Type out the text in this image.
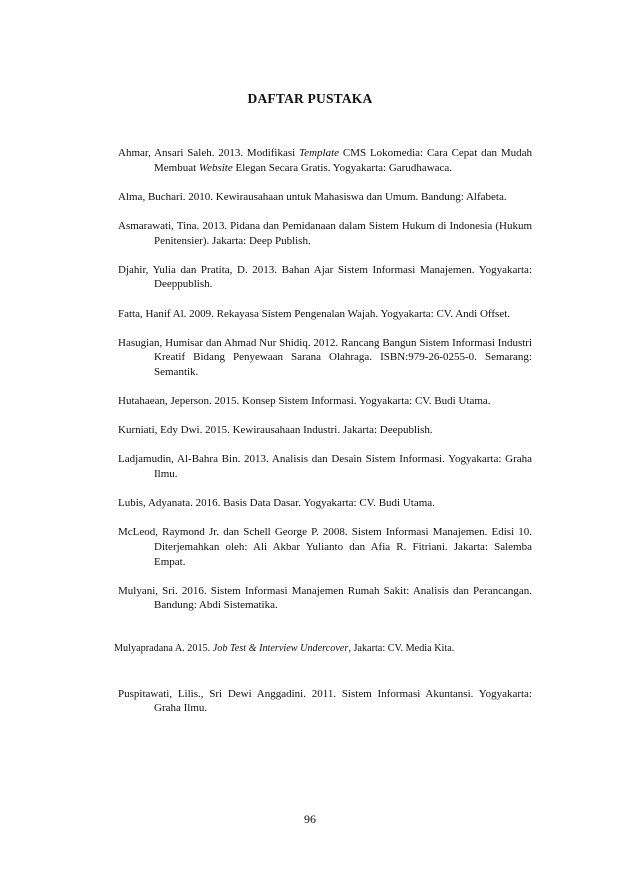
DAFTAR PUSTAKA

Ahmar, Ansari Saleh. 2013. Modifikasi Template CMS Lokomedia: Cara Cepat dan Mudah Membuat Website Elegan Secara Gratis. Yogyakarta: Garudhawaca.

Alma, Buchari. 2010. Kewirausahaan untuk Mahasiswa dan Umum. Bandung: Alfabeta.

Asmarawati, Tina. 2013. Pidana dan Pemidanaan dalam Sistem Hukum di Indonesia (Hukum Penitensier). Jakarta: Deep Publish.

Djahir, Yulia dan Pratita, D. 2013. Bahan Ajar Sistem Informasi Manajemen. Yogyakarta: Deeppublish.

Fatta, Hanif Al. 2009. Rekayasa Sistem Pengenalan Wajah. Yogyakarta: CV. Andi Offset.

Hasugian, Humisar dan Ahmad Nur Shidiq. 2012. Rancang Bangun Sistem Informasi Industri Kreatif Bidang Penyewaan Sarana Olahraga. ISBN:979-26-0255-0. Semarang: Semantik.

Hutahaean, Jeperson. 2015. Konsep Sistem Informasi. Yogyakarta: CV. Budi Utama.

Kurniati, Edy Dwi. 2015. Kewirausahaan Industri. Jakarta: Deepublish.

Ladjamudin, Al-Bahra Bin. 2013. Analisis dan Desain Sistem Informasi. Yogyakarta: Graha Ilmu.

Lubis, Adyanata. 2016. Basis Data Dasar. Yogyakarta: CV. Budi Utama.

McLeod, Raymond Jr. dan Schell George P. 2008. Sistem Informasi Manajemen. Edisi 10. Diterjemahkan oleh: Ali Akbar Yulianto dan Afia R. Fitriani. Jakarta: Salemba Empat.

Mulyani, Sri. 2016. Sistem Informasi Manajemen Rumah Sakit: Analisis dan Perancangan. Bandung: Abdi Sistematika.

Mulyapradana A. 2015. Job Test & Interview Undercover, Jakarta: CV. Media Kita.

Puspitawati, Lilis., Sri Dewi Anggadini. 2011. Sistem Informasi Akuntansi. Yogyakarta: Graha Ilmu.

96
